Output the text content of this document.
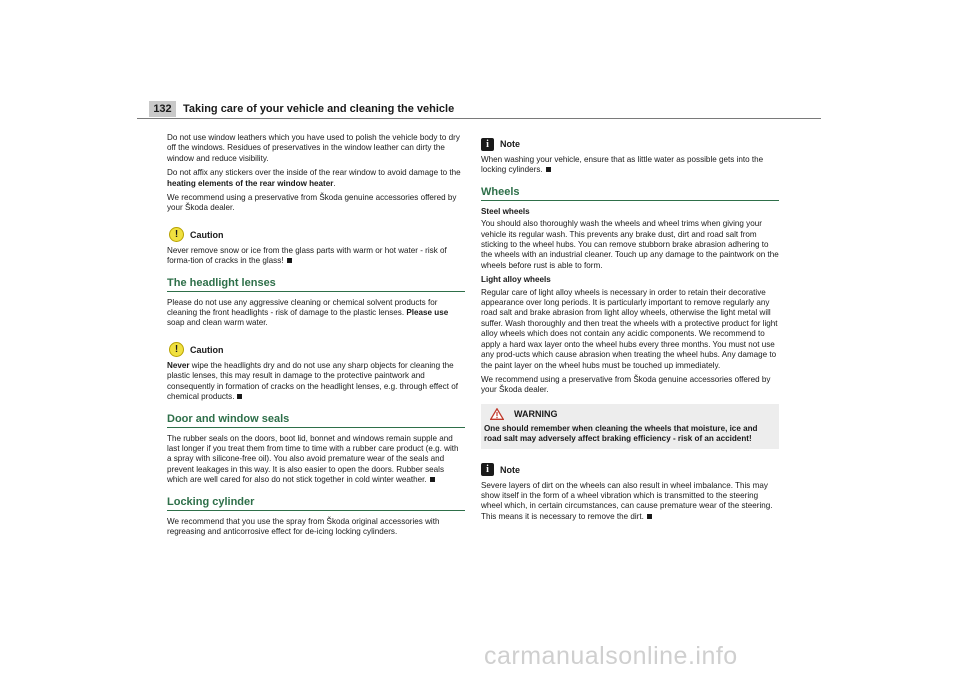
132	Taking care of your vehicle and cleaning the vehicle

Do not use window leathers which you have used to polish the vehicle body to dry off the windows. Residues of preservatives in the window leather can dirty the window and reduce visibility.

Do not affix any stickers over the inside of the rear window to avoid damage to the heating elements of the rear window heater.

We recommend using a preservative from Škoda genuine accessories offered by your Škoda dealer.

!	Caution

Never remove snow or ice from the glass parts with warm or hot water - risk of forma-tion of cracks in the glass!

The headlight lenses

Please do not use any aggressive cleaning or chemical solvent products for cleaning the front headlights - risk of damage to the plastic lenses. Please use soap and clean warm water.

!	Caution

Never wipe the headlights dry and do not use any sharp objects for cleaning the plastic lenses, this may result in damage to the protective paintwork and consequently in formation of cracks on the headlight lenses, e.g. through effect of chemical products.

Door and window seals

The rubber seals on the doors, boot lid, bonnet and windows remain supple and last longer if you treat them from time to time with a rubber care product (e.g. with a spray with silicone-free oil). You also avoid premature wear of the seals and prevent leakages in this way. It is also easier to open the doors. Rubber seals which are well cared for also do not stick together in cold winter weather.

Locking cylinder

We recommend that you use the spray from Škoda original accessories with regreasing and anticorrosive effect for de-icing locking cylinders.

i	Note

When washing your vehicle, ensure that as little water as possible gets into the locking cylinders.

Wheels

Steel wheels

You should also thoroughly wash the wheels and wheel trims when giving your vehicle its regular wash. This prevents any brake dust, dirt and road salt from sticking to the wheel hubs. You can remove stubborn brake abrasion adhering to the wheels with an industrial cleaner. Touch up any damage to the paintwork on the wheels before rust is able to form.

Light alloy wheels

Regular care of light alloy wheels is necessary in order to retain their decorative appearance over long periods. It is particularly important to remove regularly any road salt and brake abrasion from light alloy wheels, otherwise the light metal will suffer. Wash thoroughly and then treat the wheels with a protective product for light alloy wheels which does not contain any acidic components. We recommend to apply a hard wax layer onto the wheel hubs every three months. You must not use any prod-ucts which cause abrasion when treating the wheel hubs. Any damage to the paint layer on the wheel hubs must be touched up immediately.

We recommend using a preservative from Škoda genuine accessories offered by your Škoda dealer.

WARNING

One should remember when cleaning the wheels that moisture, ice and road salt may adversely affect braking efficiency - risk of an accident!

i	Note

Severe layers of dirt on the wheels can also result in wheel imbalance. This may show itself in the form of a wheel vibration which is transmitted to the steering wheel which, in certain circumstances, can cause premature wear of the steering. This means it is necessary to remove the dirt.

carmanualsonline.info
